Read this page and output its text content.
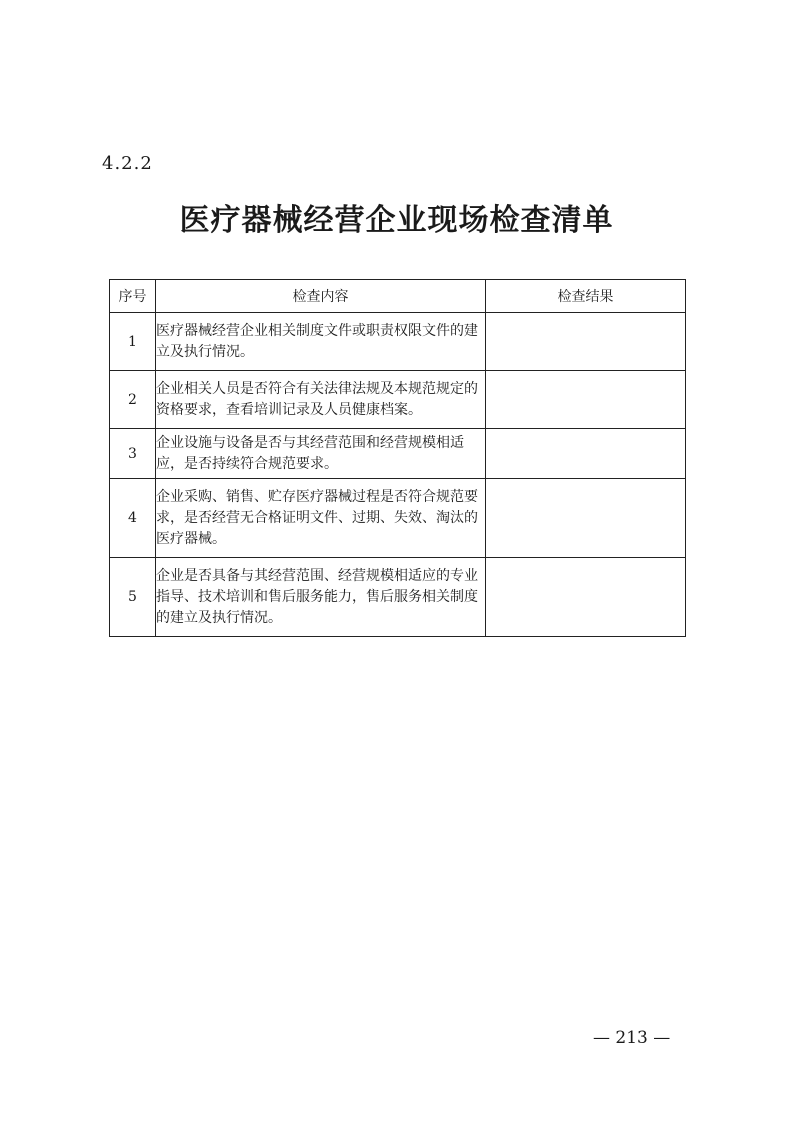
4.2.2
医疗器械经营企业现场检查清单
序号	检查内容	检查结果
1	医疗器械经营企业相关制度文件或职责权限文件的建立及执行情况。	
2	企业相关人员是否符合有关法律法规及本规范规定的资格要求，查看培训记录及人员健康档案。	
3	企业设施与设备是否与其经营范围和经营规模相适应，是否持续符合规范要求。	
4	企业采购、销售、贮存医疗器械过程是否符合规范要求，是否经营无合格证明文件、过期、失效、淘汰的医疗器械。	
5	企业是否具备与其经营范围、经营规模相适应的专业指导、技术培训和售后服务能力，售后服务相关制度的建立及执行情况。	
— 213 —
